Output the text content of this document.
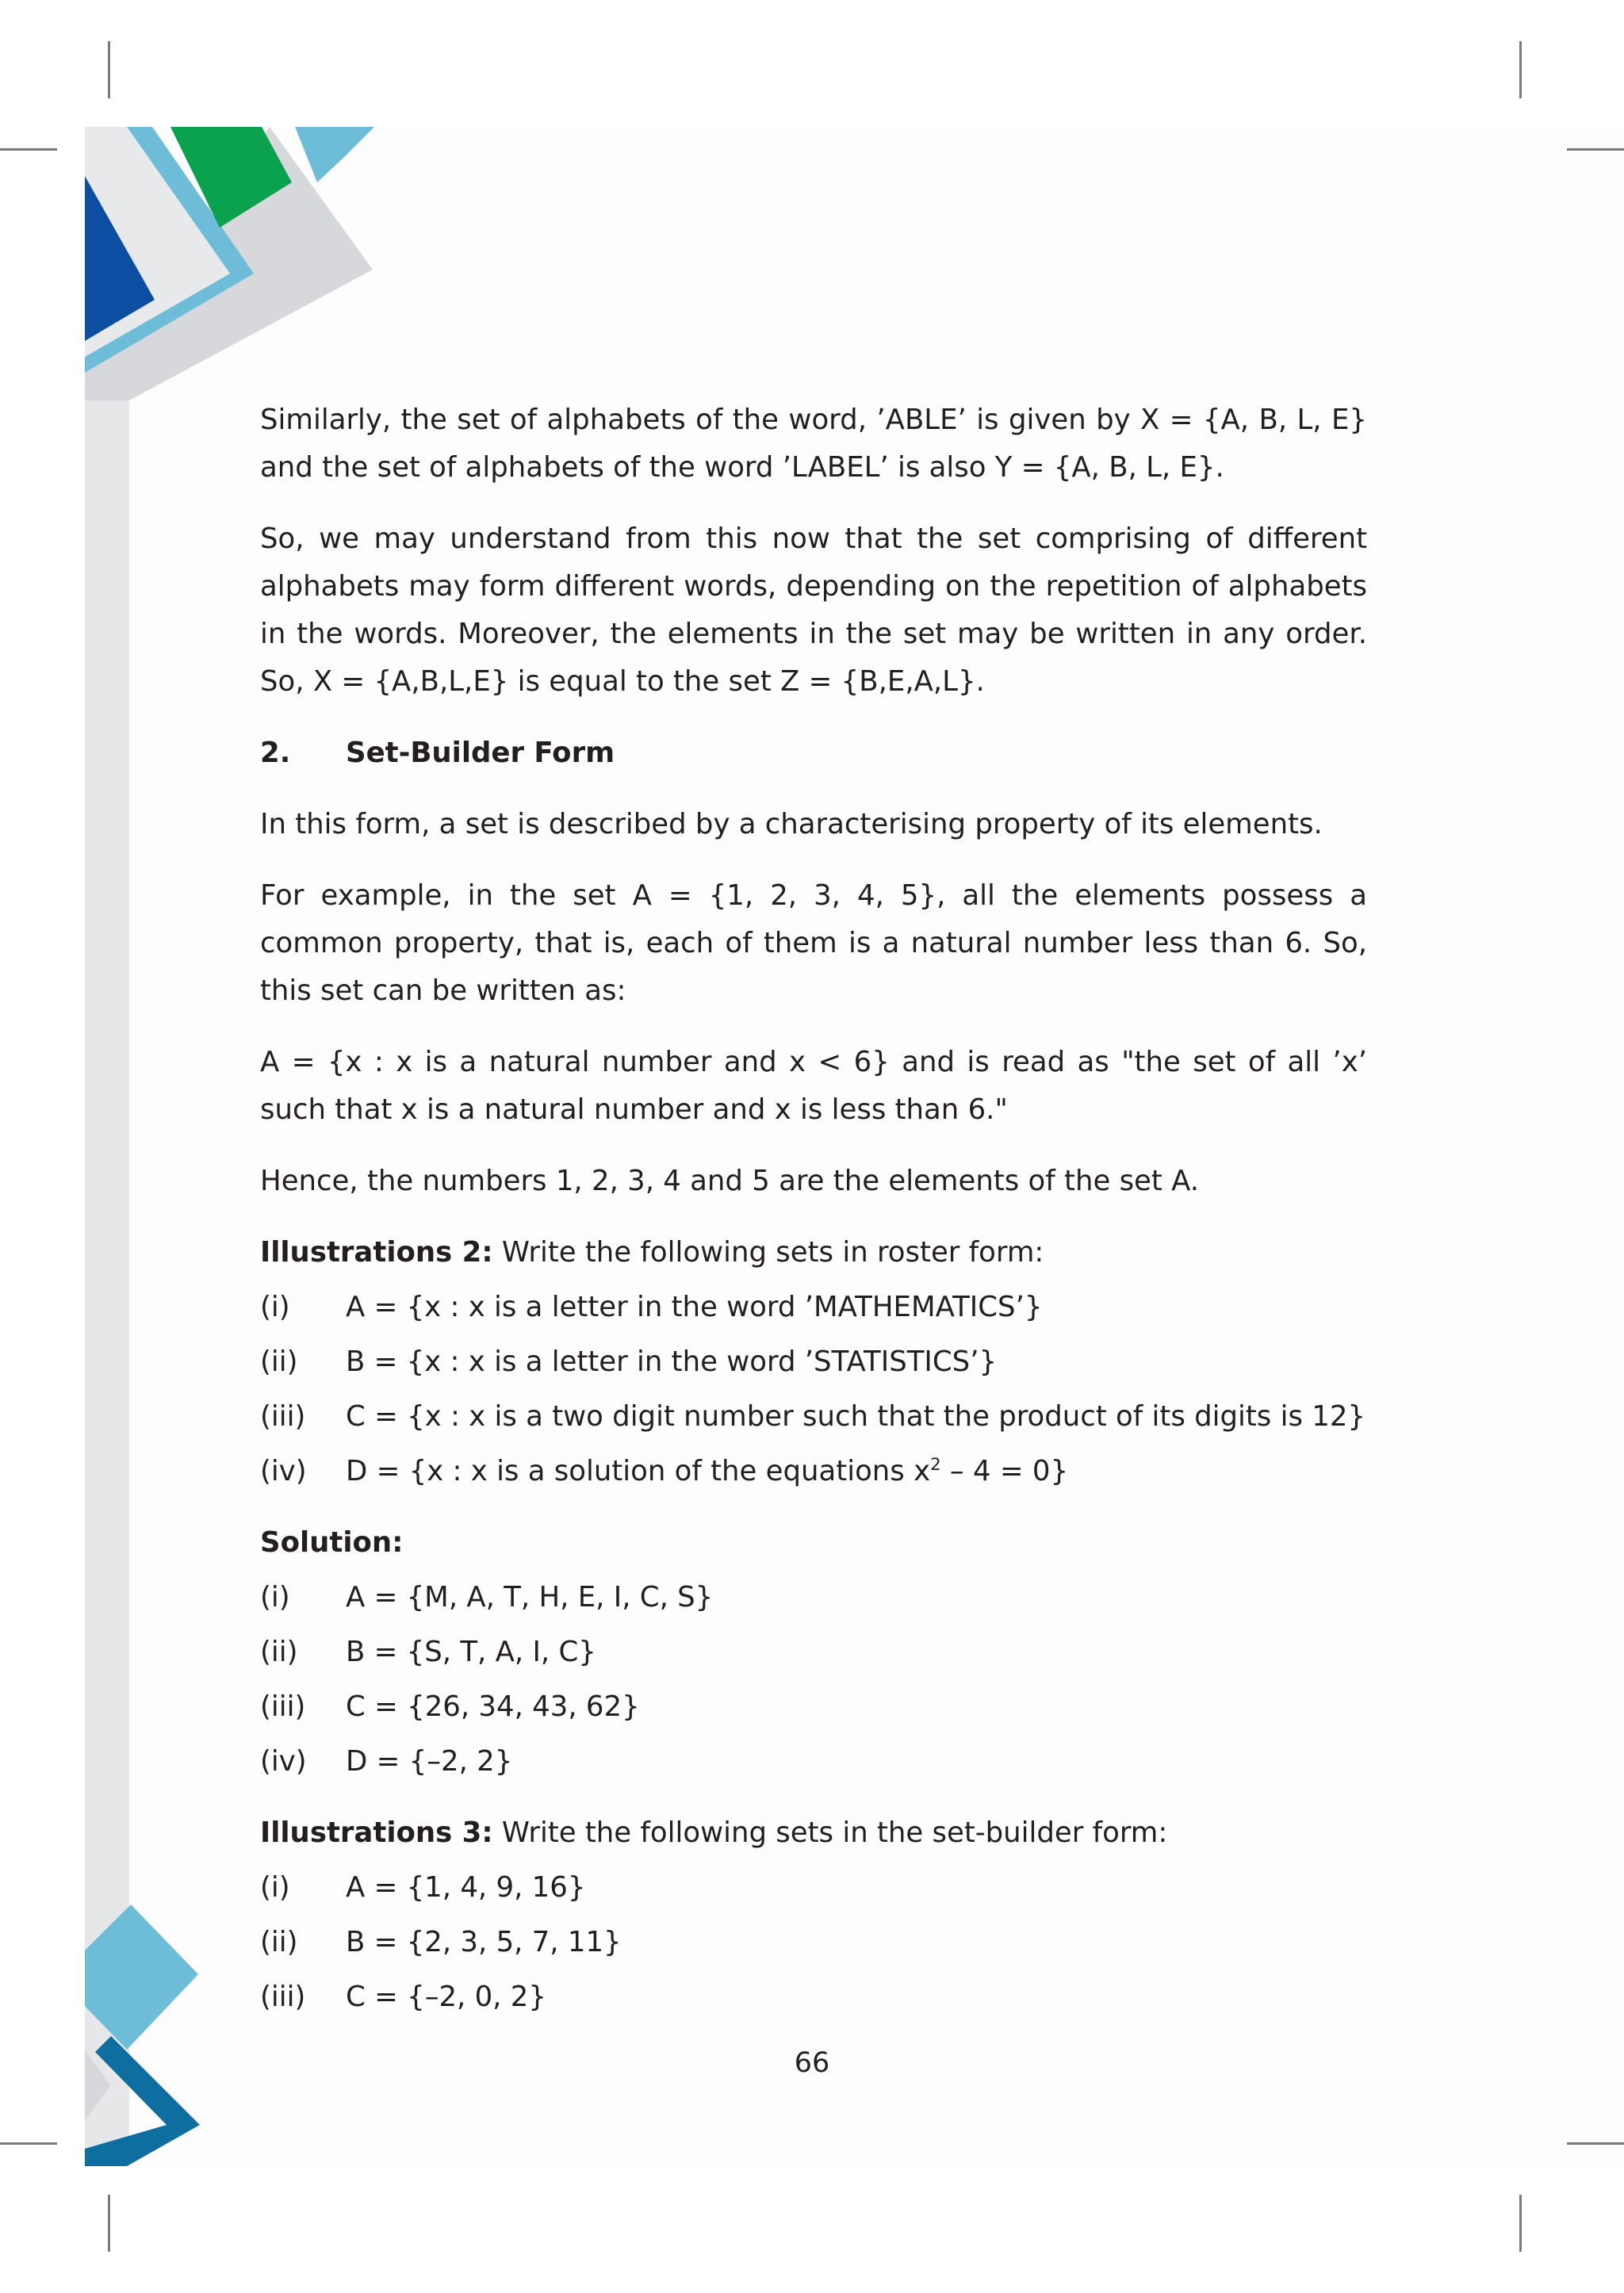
Similarly, the set of alphabets of the word, ’ABLE’ is given by X = {A, B, L, E} and the set of alphabets of the word ’LABEL’ is also Y = {A, B, L, E}.

So, we may understand from this now that the set comprising of different alphabets may form different words, depending on the repetition of alphabets in the words. Moreover, the elements in the set may be written in any order. So, X = {A,B,L,E} is equal to the set Z = {B,E,A,L}.

2.	Set-Builder Form

In this form, a set is described by a characterising property of its elements.

For example, in the set A = {1, 2, 3, 4, 5}, all the elements possess a common property, that is, each of them is a natural number less than 6. So, this set can be written as:

A = {x : x is a natural number and x < 6} and is read as "the set of all ’x’ such that x is a natural number and x is less than 6."

Hence, the numbers 1, 2, 3, 4 and 5 are the elements of the set A.

Illustrations 2: Write the following sets in roster form:

(i)	A = {x : x is a letter in the word ’MATHEMATICS’}
(ii)	B = {x : x is a letter in the word ’STATISTICS’}
(iii)	C = {x : x is a two digit number such that the product of its digits is 12}
(iv)	D = {x : x is a solution of the equations $x^2 - 4 = 0$}

Solution:

(i)	A = {M, A, T, H, E, I, C, S}
(ii)	B = {S, T, A, I, C}
(iii)	C = {26, 34, 43, 62}
(iv)	D = {–2, 2}

Illustrations 3: Write the following sets in the set-builder form:

(i)	A = {1, 4, 9, 16}
(ii)	B = {2, 3, 5, 7, 11}
(iii)	C = {–2, 0, 2}
66
